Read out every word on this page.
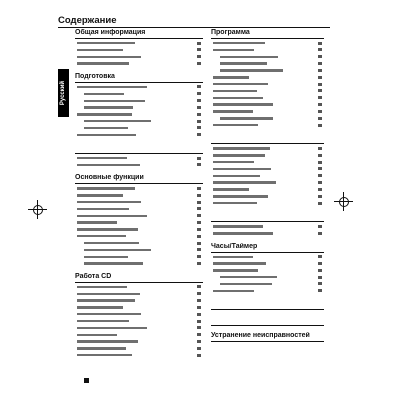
Содержание
Русский
Общая информация
Подготовка
Основные функции
Работа CD
Программа
Часы/Таймер
Устранение неисправностей
